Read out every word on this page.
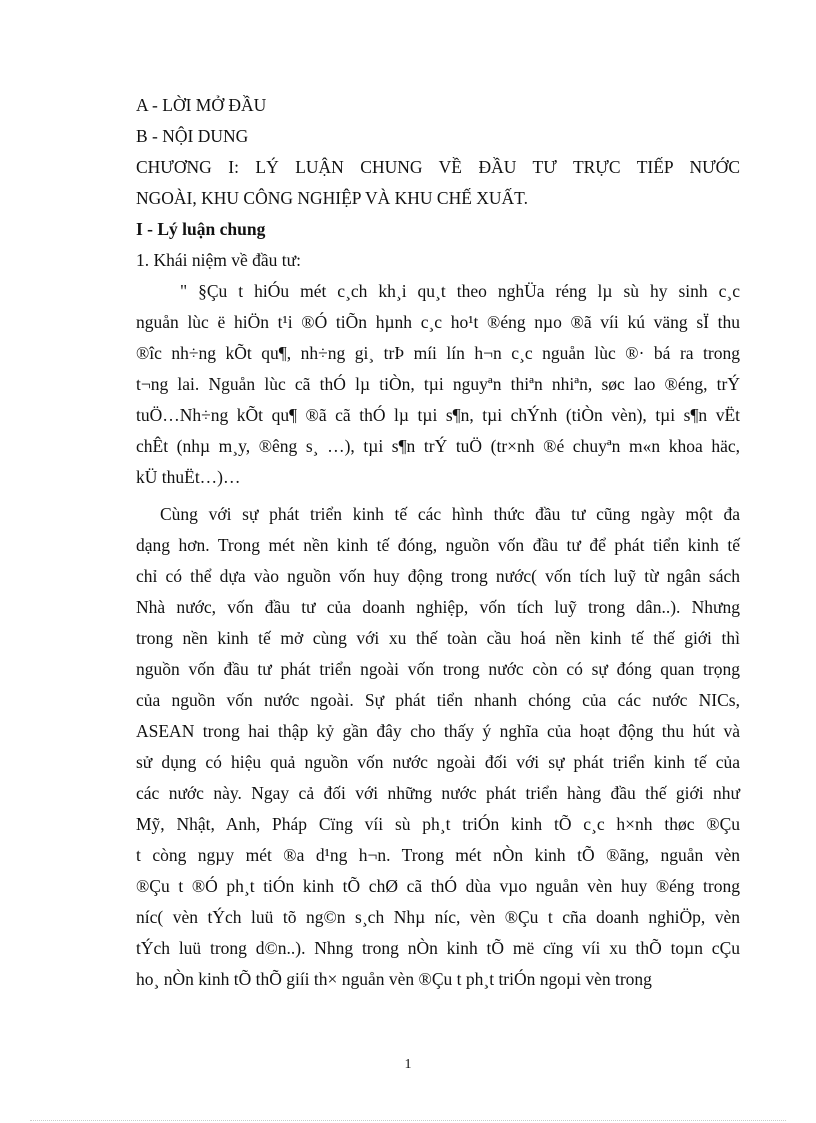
A - LỜI MỞ ĐẦU
B - NỘI DUNG
CHƯƠNG I: LÝ LUẬN CHUNG VỀ ĐẦU TƯ TRỰC TIẾP NƯỚC
NGOÀI, KHU CÔNG NGHIỆP VÀ KHU CHẾ XUẤT.
I - Lý luận chung
1. Khái niệm về đầu tư:
" §Çu t hiÓu mét c¸ch kh¸i qu¸t theo nghÜa réng lµ sù hy sinh c¸c
nguån lùc ë hiÖn t¹i ®Ó tiÕn hµnh c¸c ho¹t ®éng nµo ®ã víi kú väng sÏ thu
®îc nh÷ng kÕt qu¶, nh÷ng gi¸ trÞ míi lín h¬n c¸c nguån lùc ®· bá ra trong
t¬ng lai. Nguån lùc cã thÓ lµ tiÒn, tµi nguyªn thiªn nhiªn, søc lao ®éng, trÝ
tuÖ…Nh÷ng kÕt qu¶ ®ã cã thÓ lµ tµi s¶n, tµi chÝnh (tiÒn vèn), tµi s¶n vËt
chÊt (nhµ m¸y, ®êng s¸ …), tµi s¶n trÝ tuÖ (tr×nh ®é chuyªn m«n khoa häc,
kÜ thuËt…)…
Cùng với sự phát triển kinh tế các hình thức đầu tư cũng ngày một đa
dạng hơn. Trong mét nền kinh tế đóng, nguồn vốn đầu tư để phát tiển kinh tế
chỉ có thể dựa vào nguồn vốn huy động trong nước( vốn tích luỹ từ ngân sách
Nhà nước, vốn đầu tư của doanh nghiệp, vốn tích luỹ trong dân..). Nhưng
trong nền kinh tế mở cùng với xu thế toàn cầu hoá nền kinh tế thế giới thì
nguồn vốn đầu tư phát triển ngoài vốn trong nước còn có sự đóng quan trọng
của nguồn vốn nước ngoài. Sự phát tiển nhanh chóng của các nước NICs,
ASEAN trong hai thập kỷ gần đây cho thấy ý nghĩa của hoạt động thu hút và
sử dụng có hiệu quả nguồn vốn nước ngoài đối với sự phát triển kinh tế của
các nước này. Ngay cả đối với những nước phát triển hàng đầu thế giới như
Mỹ, Nhật, Anh, Pháp Cïng víi sù ph¸t triÓn kinh tÕ c¸c h×nh thøc ®Çu
t còng ngµy mét ®a d¹ng h¬n. Trong mét nÒn kinh tÕ ®ãng, nguån vèn
®Çu t ®Ó ph¸t tiÓn kinh tÕ chØ cã thÓ dùa vµo nguån vèn huy ®éng trong
níc( vèn tÝch luü tõ ng©n s¸ch Nhµ níc, vèn ®Çu t cña doanh nghiÖp, vèn
tÝch luü trong d©n..). Nhng trong nÒn kinh tÕ më cïng víi xu thÕ toµn cÇu
ho¸ nÒn kinh tÕ thÕ giíi th× nguån vèn ®Çu t ph¸t triÓn ngoµi vèn trong
1
